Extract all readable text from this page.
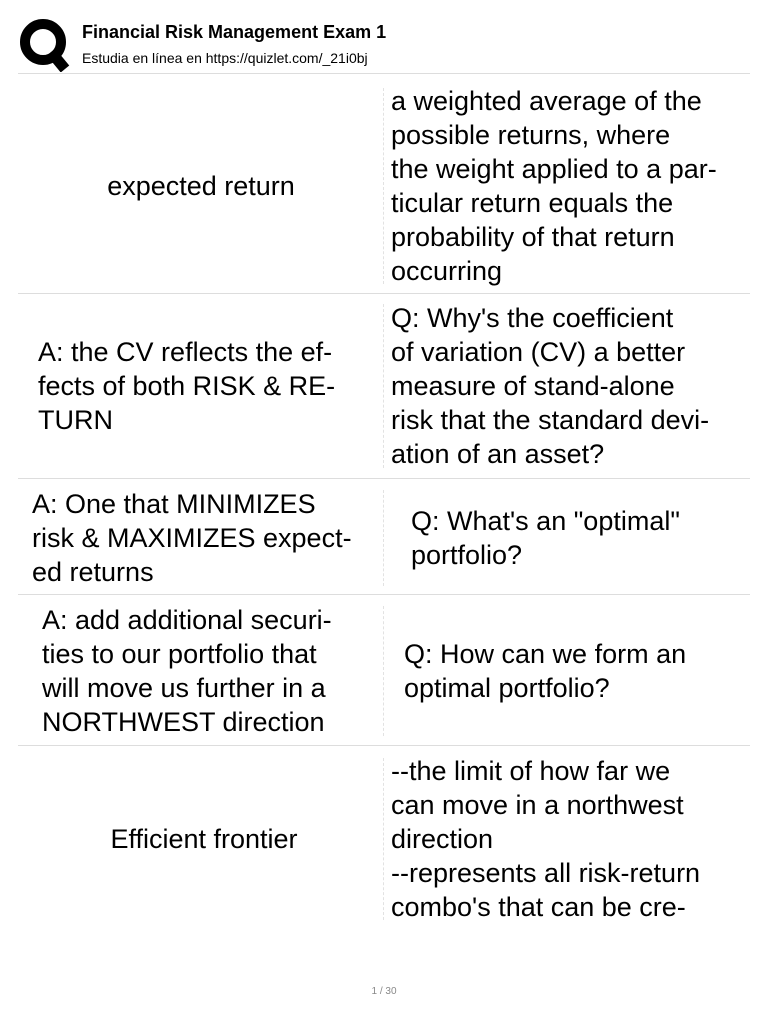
Financial Risk Management Exam 1
Estudia en línea en https://quizlet.com/_21i0bj
expected return
a weighted average of the
possible returns, where
the weight applied to a par-
ticular return equals the
probability of that return
occurring
A: the CV reflects the ef-
fects of both RISK & RE-
TURN
Q: Why's the coefficient
of variation (CV) a better
measure of stand-alone
risk that the standard devi-
ation of an asset?
A: One that MINIMIZES
risk & MAXIMIZES expect-
ed returns
Q: What's an "optimal"
portfolio?
A: add additional securi-
ties to our portfolio that
will move us further in a
NORTHWEST direction
Q: How can we form an
optimal portfolio?
Efficient frontier
--the limit of how far we
can move in a northwest
direction
--represents all risk-return
combo's that can be cre-
1 / 30
